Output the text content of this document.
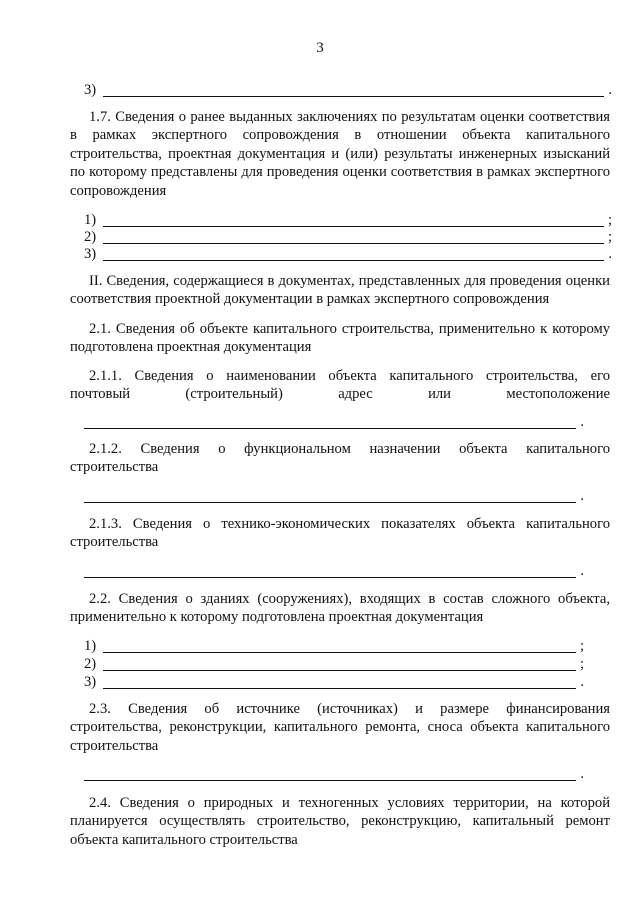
3
3)	.

1.7. Сведения о ранее выданных заключениях по результатам оценки соответствия в рамках экспертного сопровождения в отношении объекта капитального строительства, проектная документация и (или) результаты инженерных изысканий по которому представлены для проведения оценки соответствия в рамках экспертного сопровождения

1)	;
2)	;
3)	.

II. Сведения, содержащиеся в документах, представленных для проведения оценки соответствия проектной документации в рамках экспертного сопровождения

2.1. Сведения об объекте капитального строительства, применительно к которому подготовлена проектная документация

2.1.1. Сведения о наименовании объекта капитального строительства, его почтовый (строительный) адрес или местоположение

.

2.1.2. Сведения о функциональном назначении объекта капитального строительства

.

2.1.3. Сведения о технико-экономических показателях объекта капитального строительства

.

2.2. Сведения о зданиях (сооружениях), входящих в состав сложного объекта, применительно к которому подготовлена проектная документация

1)	;
2)	;
3)	.

2.3. Сведения об источнике (источниках) и размере финансирования строительства, реконструкции, капитального ремонта, сноса объекта капитального строительства

.

2.4. Сведения о природных и техногенных условиях территории, на которой планируется осуществлять строительство, реконструкцию, капитальный ремонт объекта капитального строительства
